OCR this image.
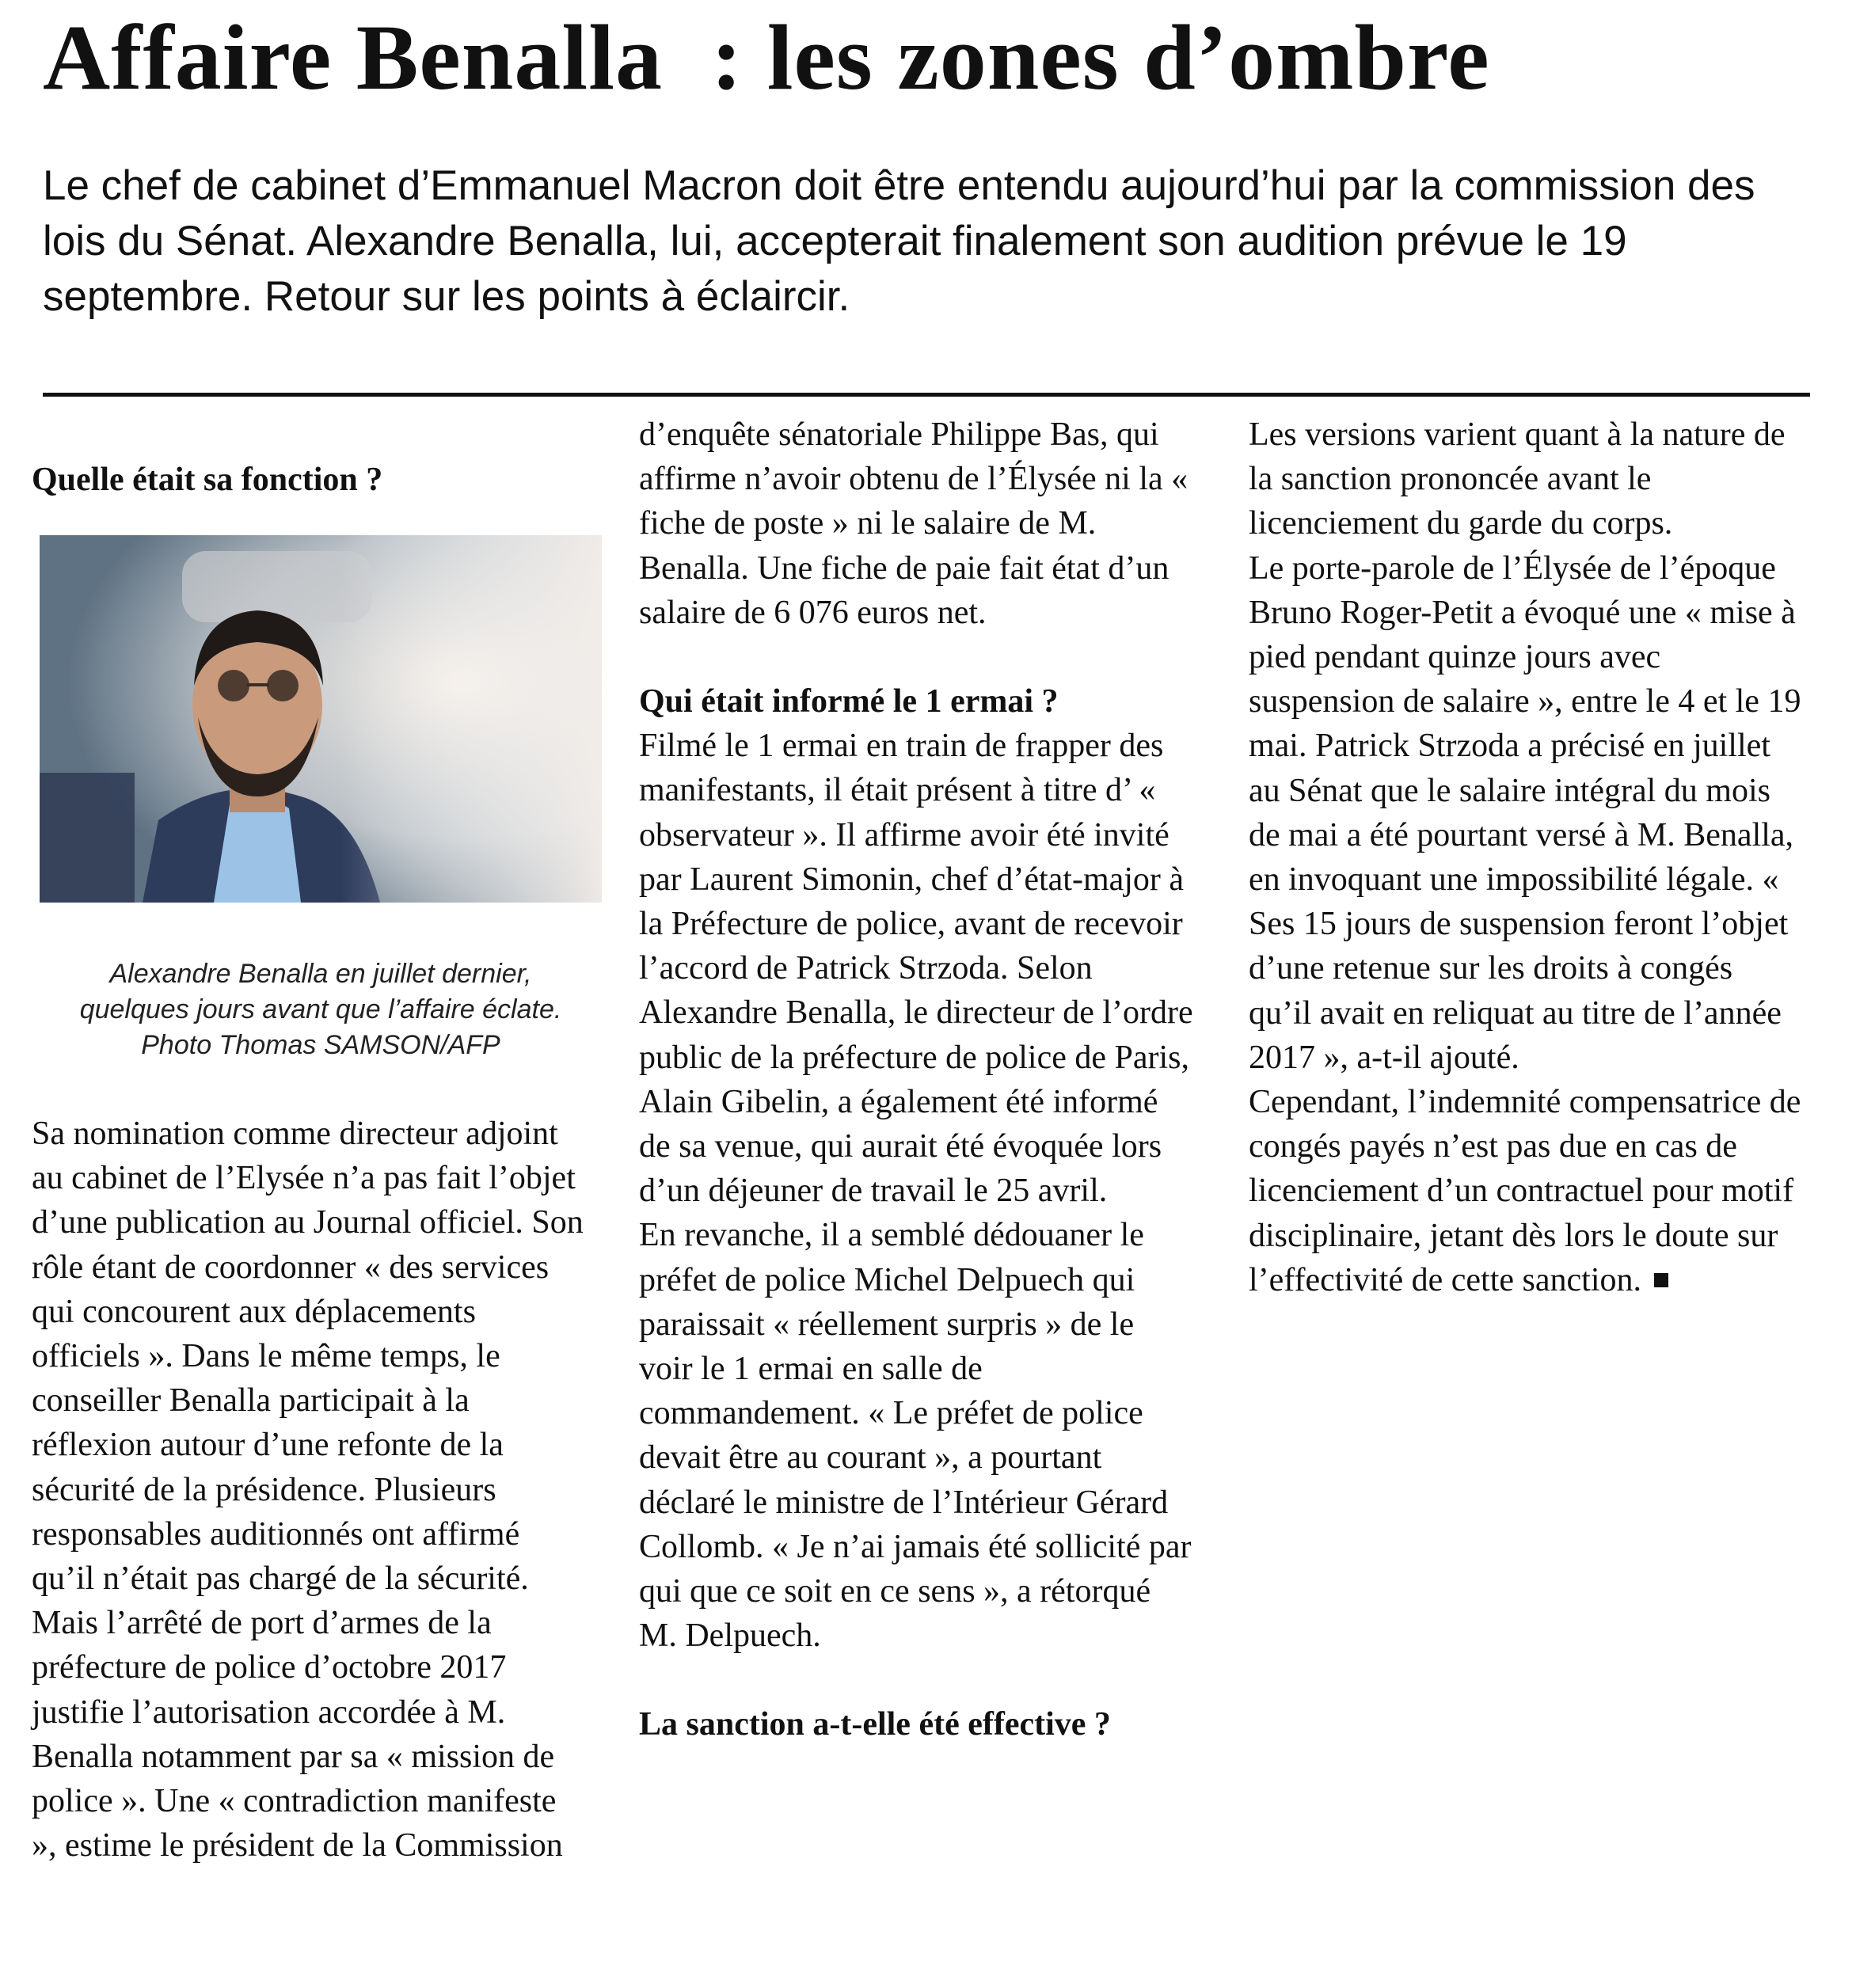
Affaire Benalla  : les zones d’ombre

Le chef de cabinet d’Emmanuel Macron doit être entendu aujourd’hui par la commission des lois du Sénat. Alexandre Benalla, lui, accepterait finalement son audition prévue le 19 septembre. Retour sur les points à éclaircir.

Quelle était sa fonction ?

Sa nomination comme directeur adjoint au cabinet de l’Elysée n’a pas fait l’objet d’une publication au Journal officiel. Son rôle étant de coordonner « des services qui concourent aux déplacements officiels ». Dans le même temps, le conseiller Benalla participait à la réflexion autour d’une refonte de la sécurité de la présidence. Plusieurs responsables auditionnés ont affirmé qu’il n’était pas chargé de la sécurité. Mais l’arrêté de port d’armes de la préfecture de police d’octobre 2017 justifie l’autorisation accordée à M. Benalla notamment par sa « mission de police ». Une « contradiction manifeste », estime le président de la Commission

Alexandre Benalla en juillet dernier,
quelques jours avant que l’affaire éclate.
Photo Thomas SAMSON/AFP

d’enquête sénatoriale Philippe Bas, qui affirme n’avoir obtenu de l’Élysée ni la « fiche de poste » ni le salaire de M. Benalla. Une fiche de paie fait état d’un salaire de 6 076 euros net.

Qui était informé le 1 ermai ?

Filmé le 1 ermai en train de frapper des manifestants, il était présent à titre d’ « observateur ». Il affirme avoir été invité par Laurent Simonin, chef d’état-major à la Préfecture de police, avant de recevoir l’accord de Patrick Strzoda. Selon Alexandre Benalla, le directeur de l’ordre public de la préfecture de police de Paris, Alain Gibelin, a également été informé de sa venue, qui aurait été évoquée lors d’un déjeuner de travail le 25 avril.

En revanche, il a semblé dédouaner le préfet de police Michel Delpuech qui paraissait « réellement surpris » de le voir le 1 ermai en salle de commandement. « Le préfet de police devait être au courant », a pourtant déclaré le ministre de l’Intérieur Gérard Collomb. « Je n’ai jamais été sollicité par qui que ce soit en ce sens », a rétorqué M. Delpuech.

La sanction a-t-elle été effective ?

Les versions varient quant à la nature de la sanction prononcée avant le licenciement du garde du corps.

Le porte-parole de l’Élysée de l’époque Bruno Roger-Petit a évoqué une « mise à pied pendant quinze jours avec suspension de salaire », entre le 4 et le 19 mai. Patrick Strzoda a précisé en juillet au Sénat que le salaire intégral du mois de mai a été pourtant versé à M. Benalla, en invoquant une impossibilité légale. « Ses 15 jours de suspension feront l’objet d’une retenue sur les droits à congés qu’il avait en reliquat au titre de l’année 2017 », a-t-il ajouté.

Cependant, l’indemnité compensatrice de congés payés n’est pas due en cas de licenciement d’un contractuel pour motif disciplinaire, jetant dès lors le doute sur l’effectivité de cette sanction.
